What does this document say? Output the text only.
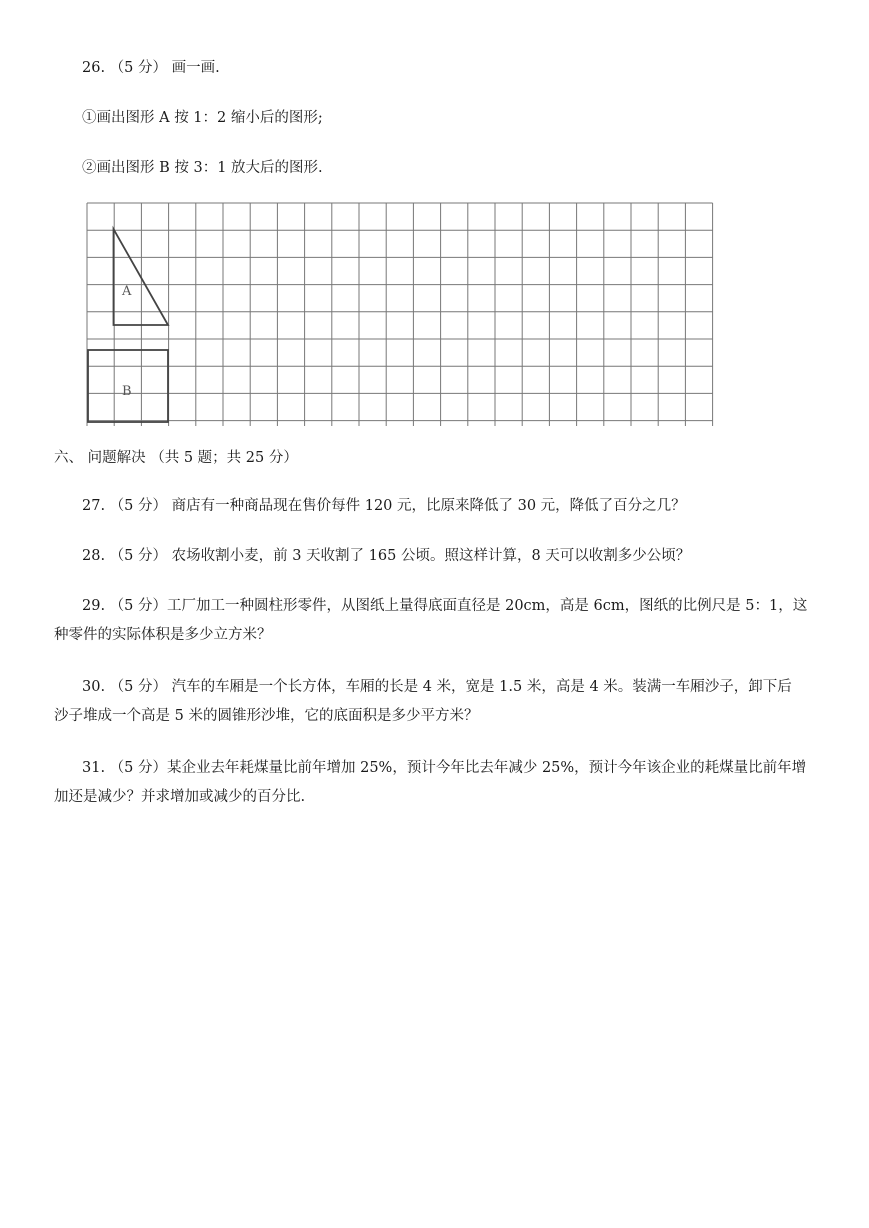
26. （5 分） 画一画.
①画出图形 A 按 1：2 缩小后的图形;
②画出图形 B 按 3：1 放大后的图形.
A
B
六、 问题解决 （共 5 题；共 25 分）
27. （5 分） 商店有一种商品现在售价每件 120 元，比原来降低了 30 元，降低了百分之几？
28. （5 分） 农场收割小麦，前 3 天收割了 165 公顷。照这样计算，8 天可以收割多少公顷？
29. （5 分）工厂加工一种圆柱形零件，从图纸上量得底面直径是 20cm，高是 6cm，图纸的比例尺是 5：1，这
种零件的实际体积是多少立方米？
30. （5 分） 汽车的车厢是一个长方体，车厢的长是 4 米，宽是 1.5 米，高是 4 米。装满一车厢沙子，卸下后
沙子堆成一个高是 5 米的圆锥形沙堆，它的底面积是多少平方米？
31. （5 分）某企业去年耗煤量比前年增加 25%，预计今年比去年减少 25%，预计今年该企业的耗煤量比前年增
加还是减少？并求增加或减少的百分比.
